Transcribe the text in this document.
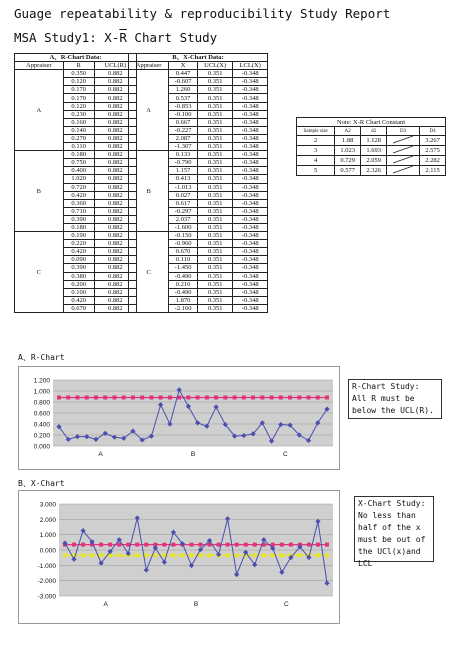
Guage repeatability & reproducibility Study Report
MSA Study1: $X-\overline{R}$ Chart Study
A、R-Chart Data:		
Appraiser	R	UCL(R)
A	0.350	0.882
	0.120	0.882
	0.170	0.882
	0.170	0.882
	0.120	0.882
	0.230	0.882
	0.160	0.882
	0.140	0.882
	0.270	0.882
	0.110	0.882
B	0.180	0.882
	0.750	0.882
	0.400	0.882
	1.020	0.882
	0.720	0.882
	0.420	0.882
	0.360	0.882
	0.710	0.882
	0.390	0.882
	0.180	0.882
C	0.190	0.882
	0.220	0.882
	0.420	0.882
	0.090	0.882
	0.390	0.882
	0.380	0.882
	0.200	0.882
	0.100	0.882
	0.420	0.882
	0.670	0.882
B、X-Chart Data:			
Appraiser	X	UCL(X)	LCL(X)
A	0.447	0.351	-0.348
	-0.607	0.351	-0.348
	1.260	0.351	-0.348
	0.537	0.351	-0.348
	-0.853	0.351	-0.348
	-0.100	0.351	-0.348
	0.667	0.351	-0.348
	-0.227	0.351	-0.348
	2.087	0.351	-0.348
	-1.307	0.351	-0.348
B	0.133	0.351	-0.348
	-0.790	0.351	-0.348
	1.157	0.351	-0.348
	0.413	0.351	-0.348
	-1.013	0.351	-0.348
	0.027	0.351	-0.348
	0.617	0.351	-0.348
	-0.297	0.351	-0.348
	2.037	0.351	-0.348
	-1.600	0.351	-0.348
C	-0.150	0.351	-0.348
	-0.960	0.351	-0.348
	0.670	0.351	-0.348
	0.110	0.351	-0.348
	-1.450	0.351	-0.348
	-0.490	0.351	-0.348
	0.210	0.351	-0.348
	-0.490	0.351	-0.348
	1.870	0.351	-0.348
	-2.160	0.351	-0.348
Note: X-R Chart Constant				
Sample size	A2	d2	D3	D4
2	1.88	1.128		3.267
3	1.023	1.693		2.575
4	0.729	2.059		2.282
5	0.577	2.326		2.115
A、R-Chart
0.000
0.200
0.400
0.600
0.800
1.000
1.200
A	B	C
R-Chart Study:
All R must be below the UCL(R).
B、X-Chart
-3.000
-2.000
-1.000
0.000
1.000
2.000
3.000
A	B	C
X-Chart Study:
No less than half of the x must be out of the UCl(x)and LCL
